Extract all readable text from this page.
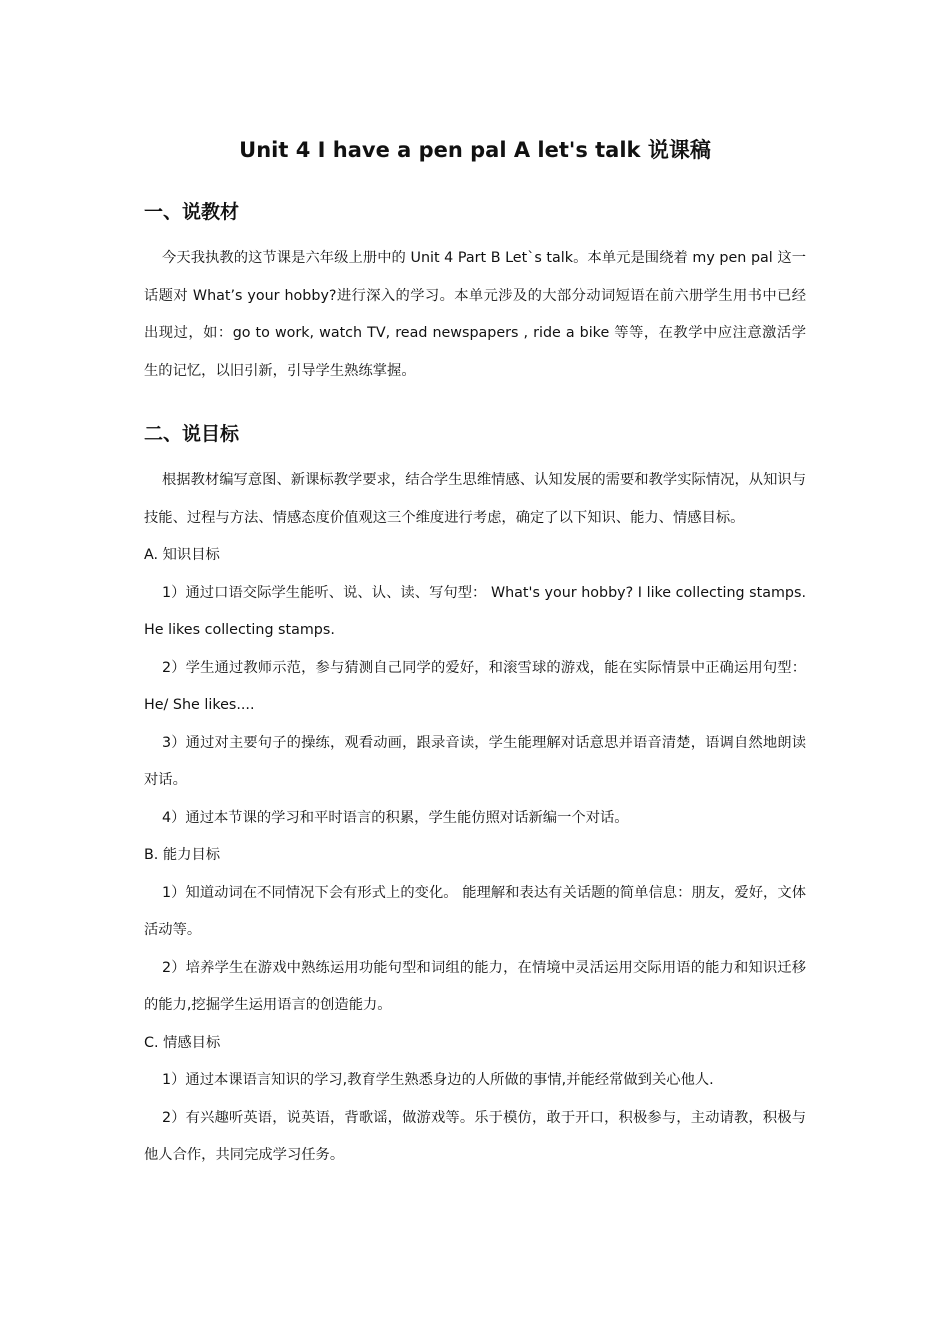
Unit 4 I have a pen pal A let's talk 说课稿
一、说教材

今天我执教的这节课是六年级上册中的 Unit 4 Part B Let`s talk。本单元是围绕着 my pen pal 这一话题对 What’s your hobby?进行深入的学习。本单元涉及的大部分动词短语在前六册学生用书中已经出现过，如：go to work, watch TV, read newspapers , ride a bike 等等，在教学中应注意激活学生的记忆，以旧引新，引导学生熟练掌握。

二、说目标

根据教材编写意图、新课标教学要求，结合学生思维情感、认知发展的需要和教学实际情况，从知识与技能、过程与方法、情感态度价值观这三个维度进行考虑，确定了以下知识、能力、情感目标。

A. 知识目标

1）通过口语交际学生能听、说、认、读、写句型： What's your hobby? I like collecting stamps. He likes collecting stamps.

2）学生通过教师示范，参与猜测自己同学的爱好，和滚雪球的游戏，能在实际情景中正确运用句型：He/ She likes....

3）通过对主要句子的操练，观看动画，跟录音读，学生能理解对话意思并语音清楚，语调自然地朗读对话。

4）通过本节课的学习和平时语言的积累，学生能仿照对话新编一个对话。

B. 能力目标

1）知道动词在不同情况下会有形式上的变化。 能理解和表达有关话题的简单信息：朋友，爱好，文体活动等。

2）培养学生在游戏中熟练运用功能句型和词组的能力，在情境中灵活运用交际用语的能力和知识迁移的能力,挖掘学生运用语言的创造能力。

C. 情感目标

1）通过本课语言知识的学习,教育学生熟悉身边的人所做的事情,并能经常做到关心他人.

2）有兴趣听英语，说英语，背歌谣，做游戏等。乐于模仿，敢于开口，积极参与，主动请教，积极与他人合作，共同完成学习任务。
